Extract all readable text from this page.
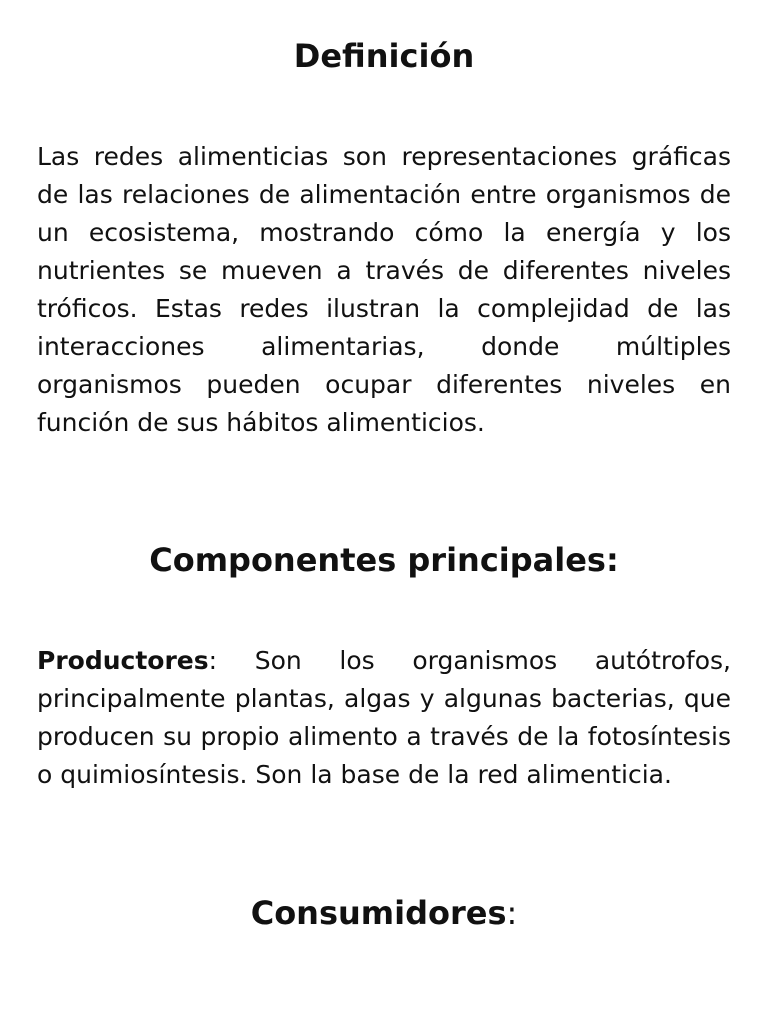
Definición

Las redes alimenticias son representaciones gráficas de las relaciones de alimentación entre organismos de un ecosistema, mostrando cómo la energía y los nutrientes se mueven a través de diferentes niveles tróficos. Estas redes ilustran la complejidad de las interacciones alimentarias, donde múltiples organismos pueden ocupar diferentes niveles en función de sus hábitos alimenticios.

Componentes principales:

Productores: Son los organismos autótrofos, principalmente plantas, algas y algunas bacterias, que producen su propio alimento a través de la fotosíntesis o quimiosíntesis. Son la base de la red alimenticia.

Consumidores:
